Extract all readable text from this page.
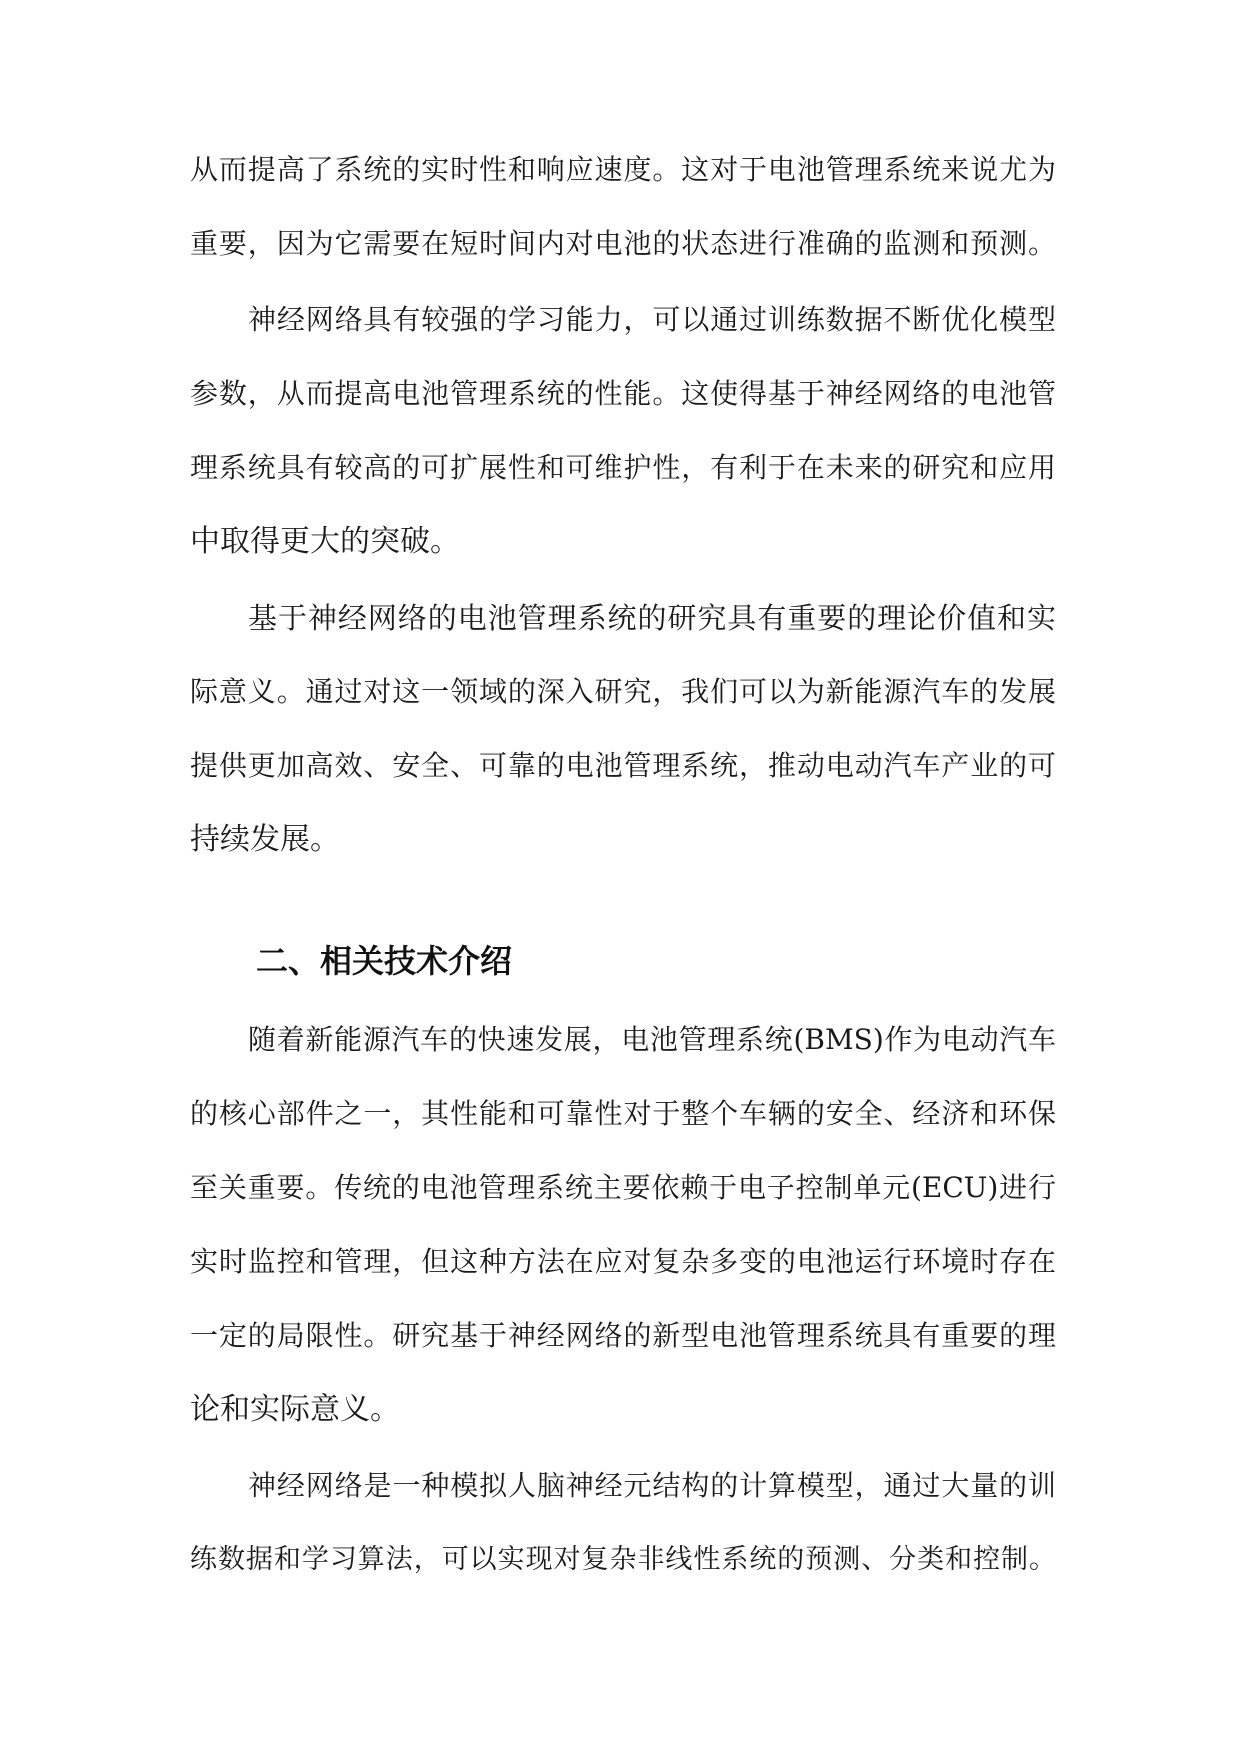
从而提高了系统的实时性和响应速度。这对于电池管理系统来说尤为
重要，因为它需要在短时间内对电池的状态进行准确的监测和预测。
神经网络具有较强的学习能力，可以通过训练数据不断优化模型
参数，从而提高电池管理系统的性能。这使得基于神经网络的电池管
理系统具有较高的可扩展性和可维护性，有利于在未来的研究和应用
中取得更大的突破。
基于神经网络的电池管理系统的研究具有重要的理论价值和实
际意义。通过对这一领域的深入研究，我们可以为新能源汽车的发展
提供更加高效、安全、可靠的电池管理系统，推动电动汽车产业的可
持续发展。
二、相关技术介绍
随着新能源汽车的快速发展，电池管理系统(BMS)作为电动汽车
的核心部件之一，其性能和可靠性对于整个车辆的安全、经济和环保
至关重要。传统的电池管理系统主要依赖于电子控制单元(ECU)进行
实时监控和管理，但这种方法在应对复杂多变的电池运行环境时存在
一定的局限性。研究基于神经网络的新型电池管理系统具有重要的理
论和实际意义。
神经网络是一种模拟人脑神经元结构的计算模型，通过大量的训
练数据和学习算法，可以实现对复杂非线性系统的预测、分类和控制。
